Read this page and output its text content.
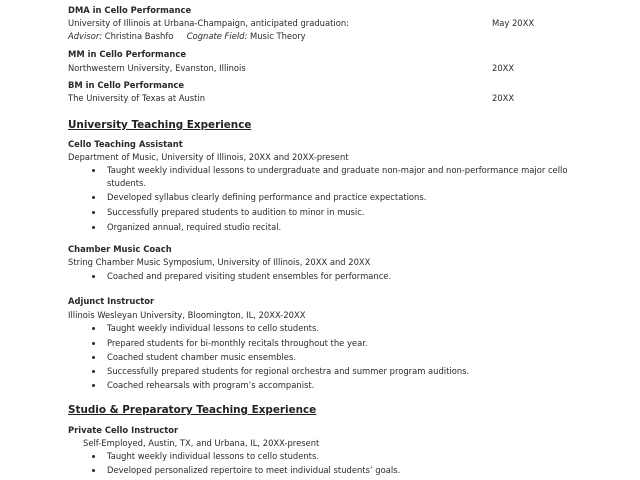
DMA in Cello Performance
University of Illinois at Urbana-Champaign, anticipated graduation:	May 20XX
Advisor: Christina Bashfo Cognate Field: Music Theory
MM in Cello Performance
Northwestern University, Evanston, Illinois	20XX
BM in Cello Performance
The University of Texas at Austin	20XX
University Teaching Experience
Cello Teaching Assistant
Department of Music, University of Illinois, 20XX and 20XX-present
Taught weekly individual lessons to undergraduate and graduate non-major and non-performance major cello
students.
Developed syllabus clearly defining performance and practice expectations.
Successfully prepared students to audition to minor in music.
Organized annual, required studio recital.
Chamber Music Coach
String Chamber Music Symposium, University of Illinois, 20XX and 20XX
Coached and prepared visiting student ensembles for performance.
Adjunct Instructor
Illinois Wesleyan University, Bloomington, IL, 20XX-20XX
Taught weekly individual lessons to cello students.
Prepared students for bi-monthly recitals throughout the year.
Coached student chamber music ensembles.
Successfully prepared students for regional orchestra and summer program auditions.
Coached rehearsals with program’s accompanist.
Studio & Preparatory Teaching Experience
Private Cello Instructor
Self-Employed, Austin, TX, and Urbana, IL, 20XX-present
Taught weekly individual lessons to cello students.
Developed personalized repertoire to meet individual students’ goals.
